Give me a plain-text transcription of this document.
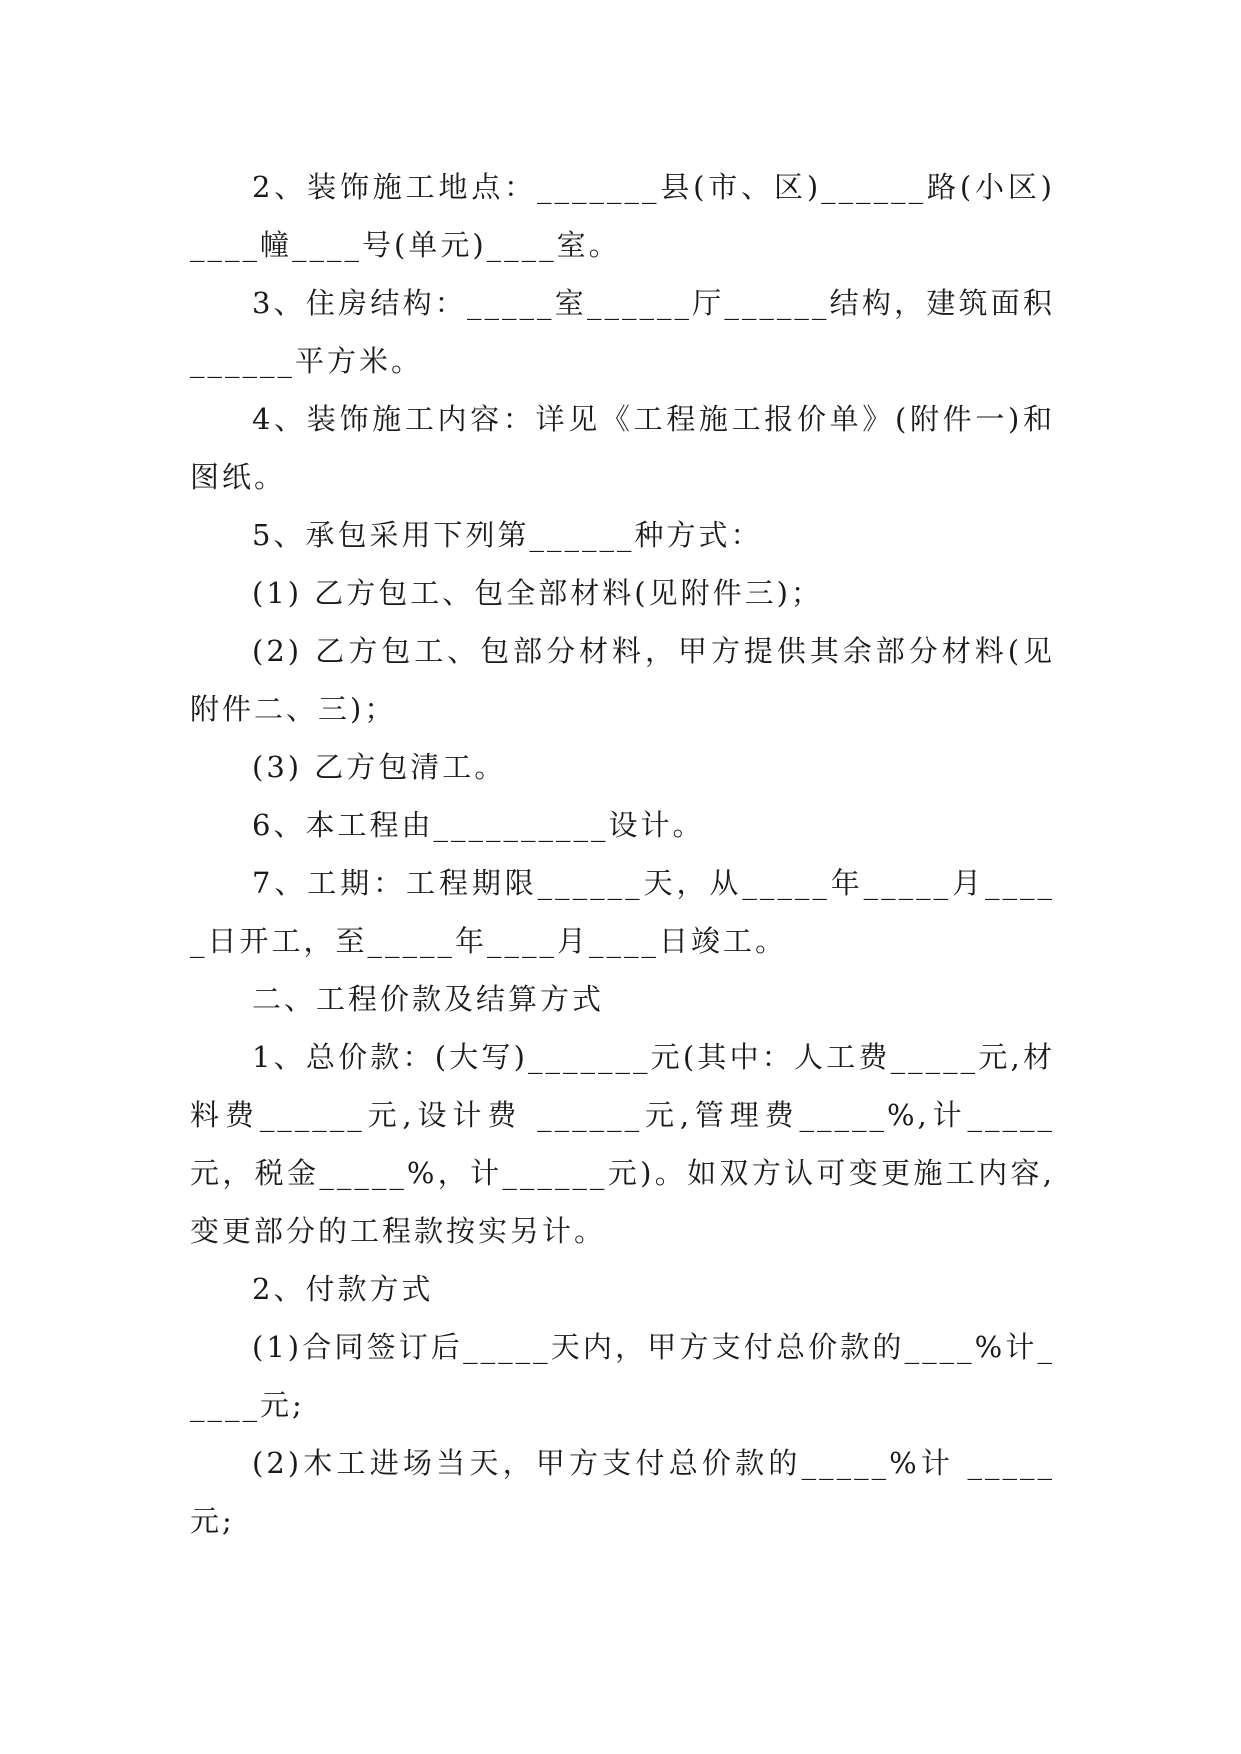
2、装饰施工地点：_______县(市、区)______路(小区)____幢____号(单元)____室。

3、住房结构：_____室______厅______结构，建筑面积______平方米。

4、装饰施工内容：详见《工程施工报价单》(附件一)和图纸。

5、承包采用下列第______种方式：

(1) 乙方包工、包全部材料(见附件三)；

(2) 乙方包工、包部分材料，甲方提供其余部分材料(见附件二、三)；

(3) 乙方包清工。

6、本工程由__________设计。

7、工期：工程期限______天，从_____年_____月_____日开工，至_____年____月____日竣工。

二、工程价款及结算方式

1、总价款：(大写)_______元(其中：人工费_____元,材料费______元,设计费 ______元,管理费_____%,计_____元，税金_____%，计______元)。如双方认可变更施工内容,变更部分的工程款按实另计。

2、付款方式

(1)合同签订后_____天内，甲方支付总价款的____%计_____元;

(2)木工进场当天，甲方支付总价款的_____%计 _____元;
